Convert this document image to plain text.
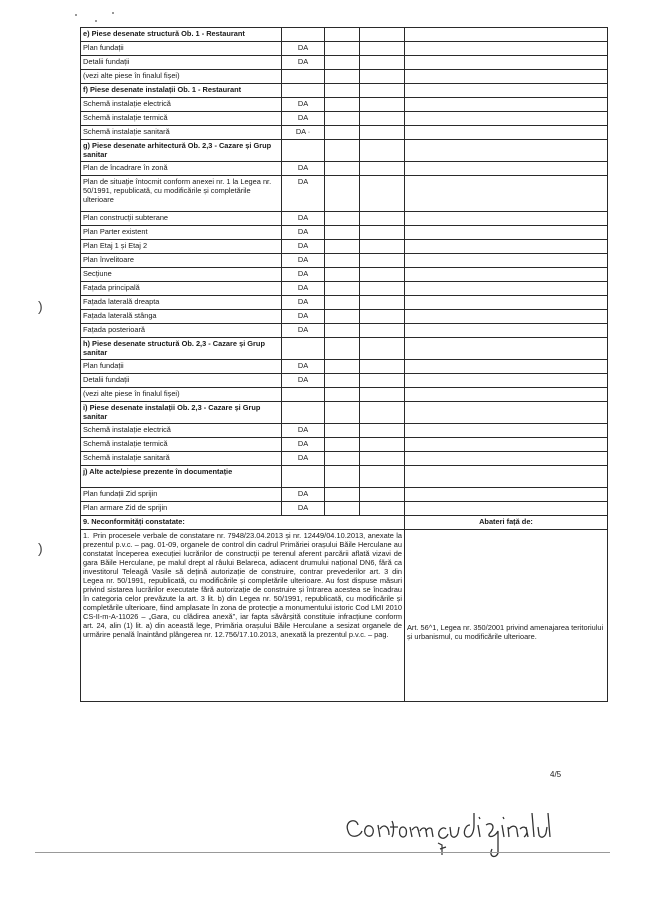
e) Piese desenate structură Ob. 1 - Restaurant				
Plan fundații	DA			
Detalii fundații	DA			
(vezi alte piese în finalul fișei)				
f) Piese desenate instalații Ob. 1 - Restaurant				
Schemă instalație electrică	DA			
Schemă instalație termică	DA			
Schemă instalație sanitară	DA ·			
g) Piese desenate arhitectură Ob. 2,3 - Cazare și Grup sanitar				
Plan de încadrare în zonă	DA			
Plan de situație întocmit conform anexei nr. 1 la Legea nr. 50/1991, republicată, cu modificările și completările ulterioare	DA			
Plan construcții subterane	DA			
Plan Parter existent	DA			
Plan Etaj 1 și Etaj 2	DA			
Plan învelitoare	DA			
Secțiune	DA			
Fațada principală	DA			
Fațada laterală dreapta	DA			
Fațada laterală stânga	DA			
Fațada posterioară	DA			
h) Piese desenate structură Ob. 2,3 - Cazare și Grup sanitar				
Plan fundații	DA			
Detalii fundații	DA			
(vezi alte piese în finalul fișei)				
i) Piese desenate instalații Ob. 2,3 - Cazare și Grup sanitar				
Schemă instalație electrică	DA			
Schemă instalație termică	DA			
Schemă instalație sanitară	DA			
j) Alte acte/piese prezente în documentație				
Plan fundații Zid sprijin	DA			
Plan armare Zid de sprijin	DA			
9. Neconformități constatate:				Abateri față de:
1. Prin procesele verbale de constatare nr. 7948/23.04.2013 și nr. 12449/04.10.2013, anexate la prezentul p.v.c. – pag. 01-09, organele de control din cadrul Primăriei orașului Băile Herculane au constatat începerea execuției lucrărilor de construcții pe terenul aferent parcării aflată vizavi de gara Băile Herculane, pe malul drept al râului Belareca, adiacent drumului național DN6, fără ca investitorul Teleagă Vasile să dețină autorizație de construire, contrar prevederilor art. 3 din Legea nr. 50/1991, republicată, cu modificările și completările ulterioare. Au fost dispuse măsuri privind sistarea lucrărilor executate fără autorizație de construire și întrarea acestea se încadrau în categoria celor prevăzute la art. 3 lit. b) din Legea nr. 50/1991, republicată, cu modificările și completările ulterioare, fiind amplasate în zona de protecție a monumentului istoric Cod LMI 2010 CS-II-m-A-11026 – „Gara, cu clădirea anexă”, iar fapta săvârșită constituie infracțiune conform art. 24, alin (1) lit. a) din această lege, Primăria orașului Băile Herculane a sesizat organele de urmărire penală înaintând plângerea nr. 12.756/17.10.2013, anexată la prezentul p.v.c. – pag.				Art. 56^1, Legea nr. 350/2001 privind amenajarea teritoriului și urbanismul, cu modificările ulterioare.
4/5
)
)
